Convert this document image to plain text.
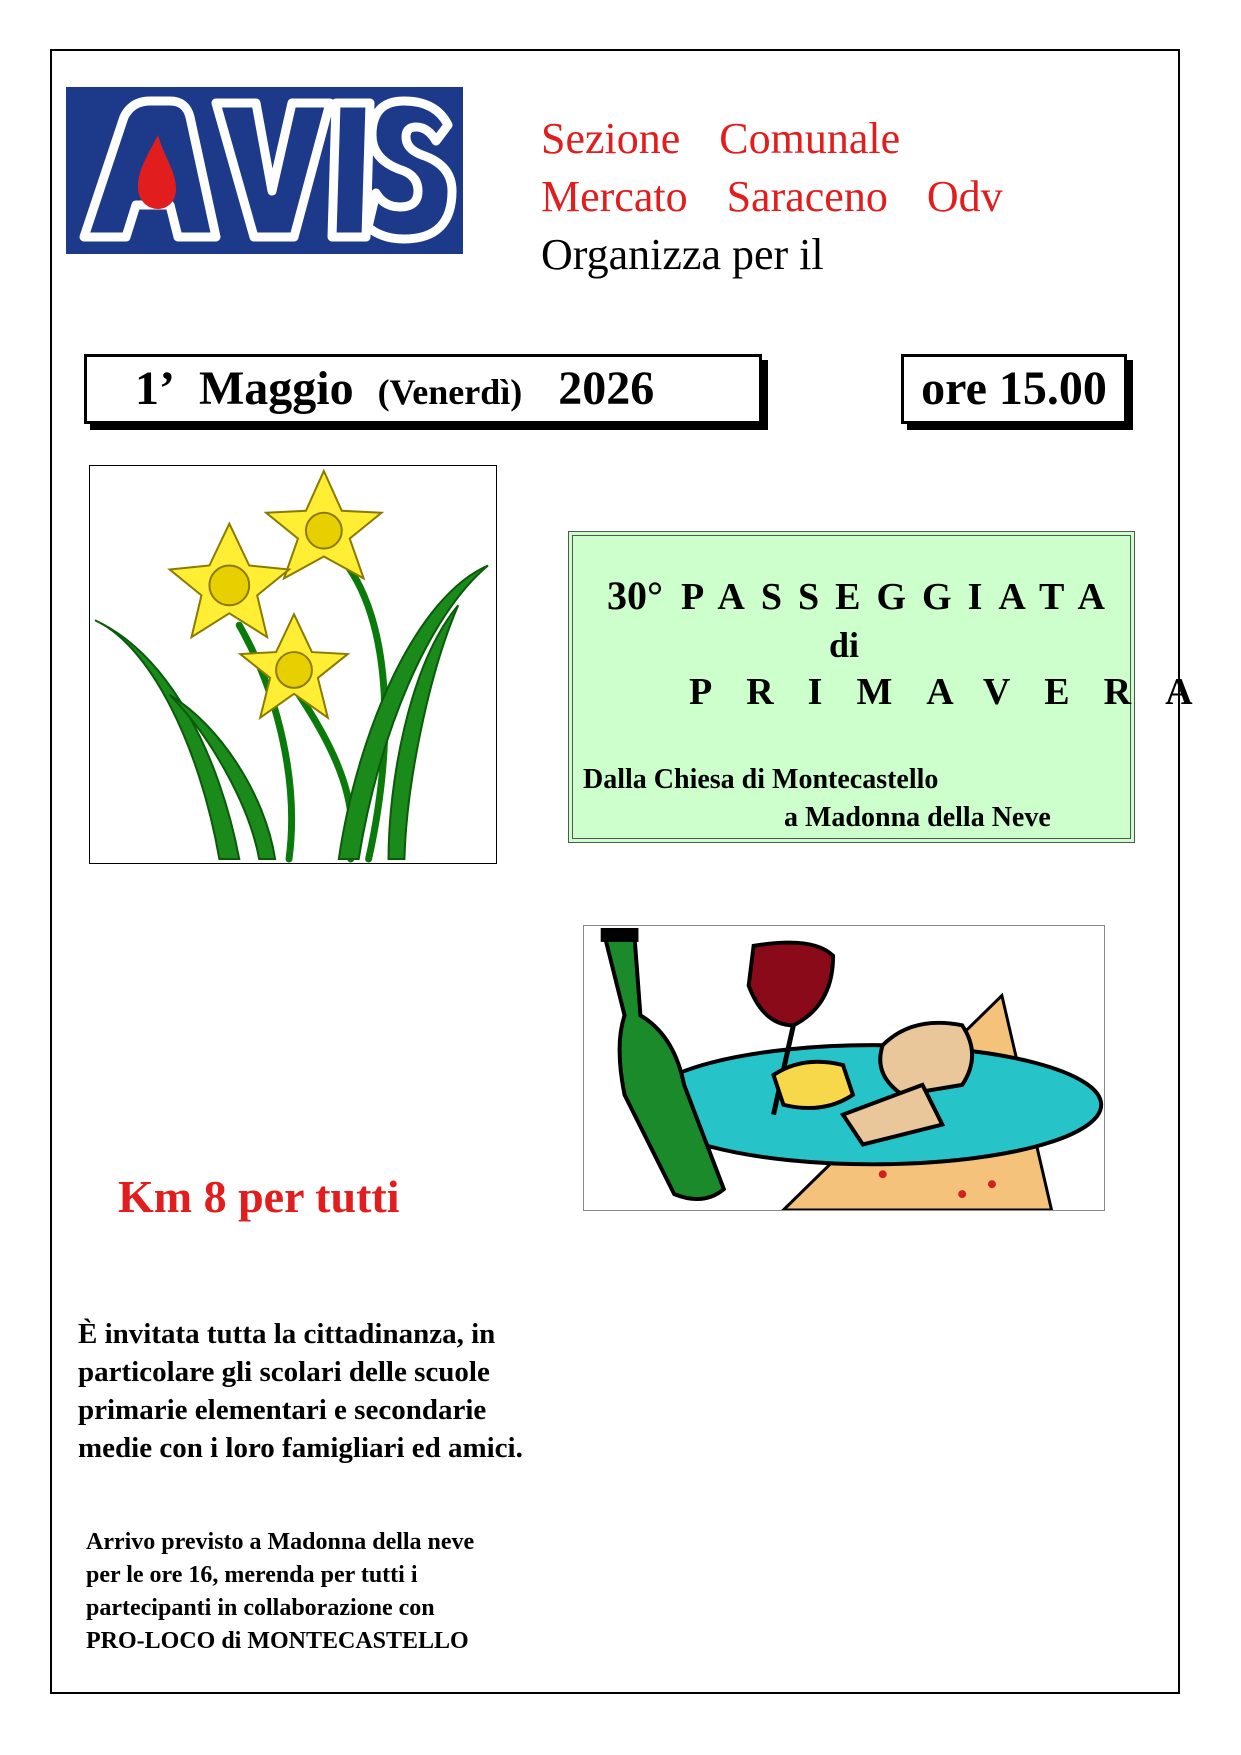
Sezione Comunale
Mercato Saraceno Odv
Organizza per il
1’ Maggio (Venerdì) 2026	ore 15.00
30° PASSEGGIATA
di
PRIMAVERA
Dalla Chiesa di Montecastello
a Madonna della Neve
Km 8 per tutti
È invitata tutta la cittadinanza, in
particolare gli scolari delle scuole
primarie elementari e secondarie
medie con i loro famigliari ed amici.
Arrivo previsto a Madonna della neve
per le ore 16, merenda per tutti i
partecipanti in collaborazione con
PRO-LOCO di MONTECASTELLO
